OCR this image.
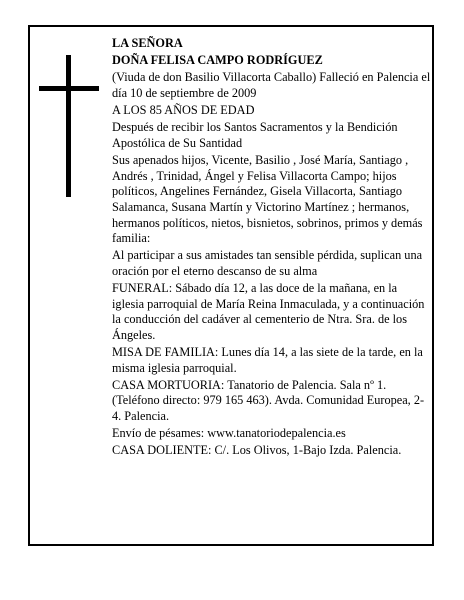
LA SEÑORA

DOÑA FELISA CAMPO RODRÍGUEZ

(Viuda de don Basilio Villacorta Caballo) Falleció en Palencia el día 10 de septiembre de 2009

A LOS 85 AÑOS DE EDAD

Después de recibir los Santos Sacramentos y la Bendición Apostólica de Su Santidad

Sus apenados hijos, Vicente, Basilio , José María, Santiago , Andrés , Trinidad, Ángel y Felisa Villacorta Campo; hijos políticos, Angelines Fernández, Gisela Villacorta, Santiago Salamanca, Susana Martín y Victorino Martínez ; hermanos, hermanos políticos, nietos, bisnietos, sobrinos, primos y demás familia:

Al participar a sus amistades tan sensible pérdida, suplican una oración por el eterno descanso de su alma

FUNERAL: Sábado día 12, a las doce de la mañana, en la iglesia parroquial de María Reina Inmaculada, y a continuación la conducción del cadáver al cementerio de Ntra. Sra. de los Ángeles.

MISA DE FAMILIA: Lunes día 14, a las siete de la tarde, en la misma iglesia parroquial.

CASA MORTUORIA: Tanatorio de Palencia. Sala nº 1. (Teléfono directo: 979 165 463). Avda. Comunidad Europea, 2-4. Palencia.

Envío de pésames: www.tanatoriodepalencia.es

CASA DOLIENTE: C/. Los Olivos, 1-Bajo Izda. Palencia.
